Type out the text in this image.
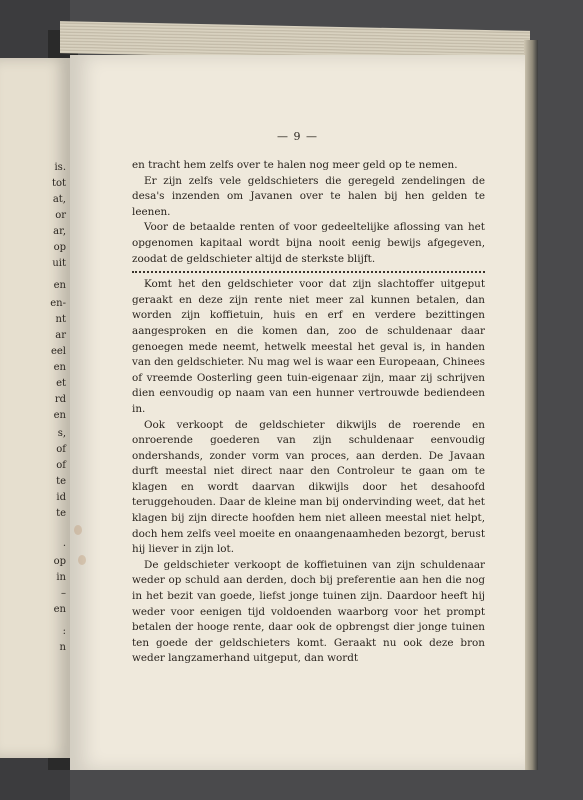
is.
tot
at,
or
ar,
op
uit
en
en-
nt
ar
eel
en
et
rd
en
s,
of
of
te
id
te
.
op
in
–
en
:
n
— 9 —

en tracht hem zelfs over te halen nog meer geld op te nemen.

Er zijn zelfs vele geldschieters die geregeld zendelingen de desa's inzenden om Javanen over te halen bij hen gelden te leenen.

Voor de betaalde renten of voor gedeeltelijke aflossing van het opgenomen kapitaal wordt bijna nooit eenig bewijs afgegeven, zoodat de geldschieter altijd de sterkste blijft.

Komt het den geldschieter voor dat zijn slachtoffer uitgeput geraakt en deze zijn rente niet meer zal kunnen betalen, dan worden zijn koffietuin, huis en erf en verdere bezittingen aangesproken en die komen dan, zoo de schuldenaar daar genoegen mede neemt, hetwelk meestal het geval is, in handen van den geldschieter. Nu mag wel is waar een Europeaan, Chinees of vreemde Oosterling geen tuin-eigenaar zijn, maar zij schrijven dien eenvoudig op naam van een hunner vertrouwde bediendeen in.

Ook verkoopt de geldschieter dikwijls de roerende en onroerende goederen van zijn schuldenaar eenvoudig ondershands, zonder vorm van proces, aan derden. De Javaan durft meestal niet direct naar den Controleur te gaan om te klagen en wordt daarvan dikwijls door het desahoofd teruggehouden. Daar de kleine man bij ondervinding weet, dat het klagen bij zijn directe hoofden hem niet alleen meestal niet helpt, doch hem zelfs veel moeite en onaangenaamheden bezorgt, berust hij liever in zijn lot.

De geldschieter verkoopt de koffietuinen van zijn schuldenaar weder op schuld aan derden, doch bij preferentie aan hen die nog in het bezit van goede, liefst jonge tuinen zijn. Daardoor heeft hij weder voor eenigen tijd voldoenden waarborg voor het prompt betalen der hooge rente, daar ook de opbrengst dier jonge tuinen ten goede der geldschieters komt. Geraakt nu ook deze bron weder langzamerhand uitgeput, dan wordt
